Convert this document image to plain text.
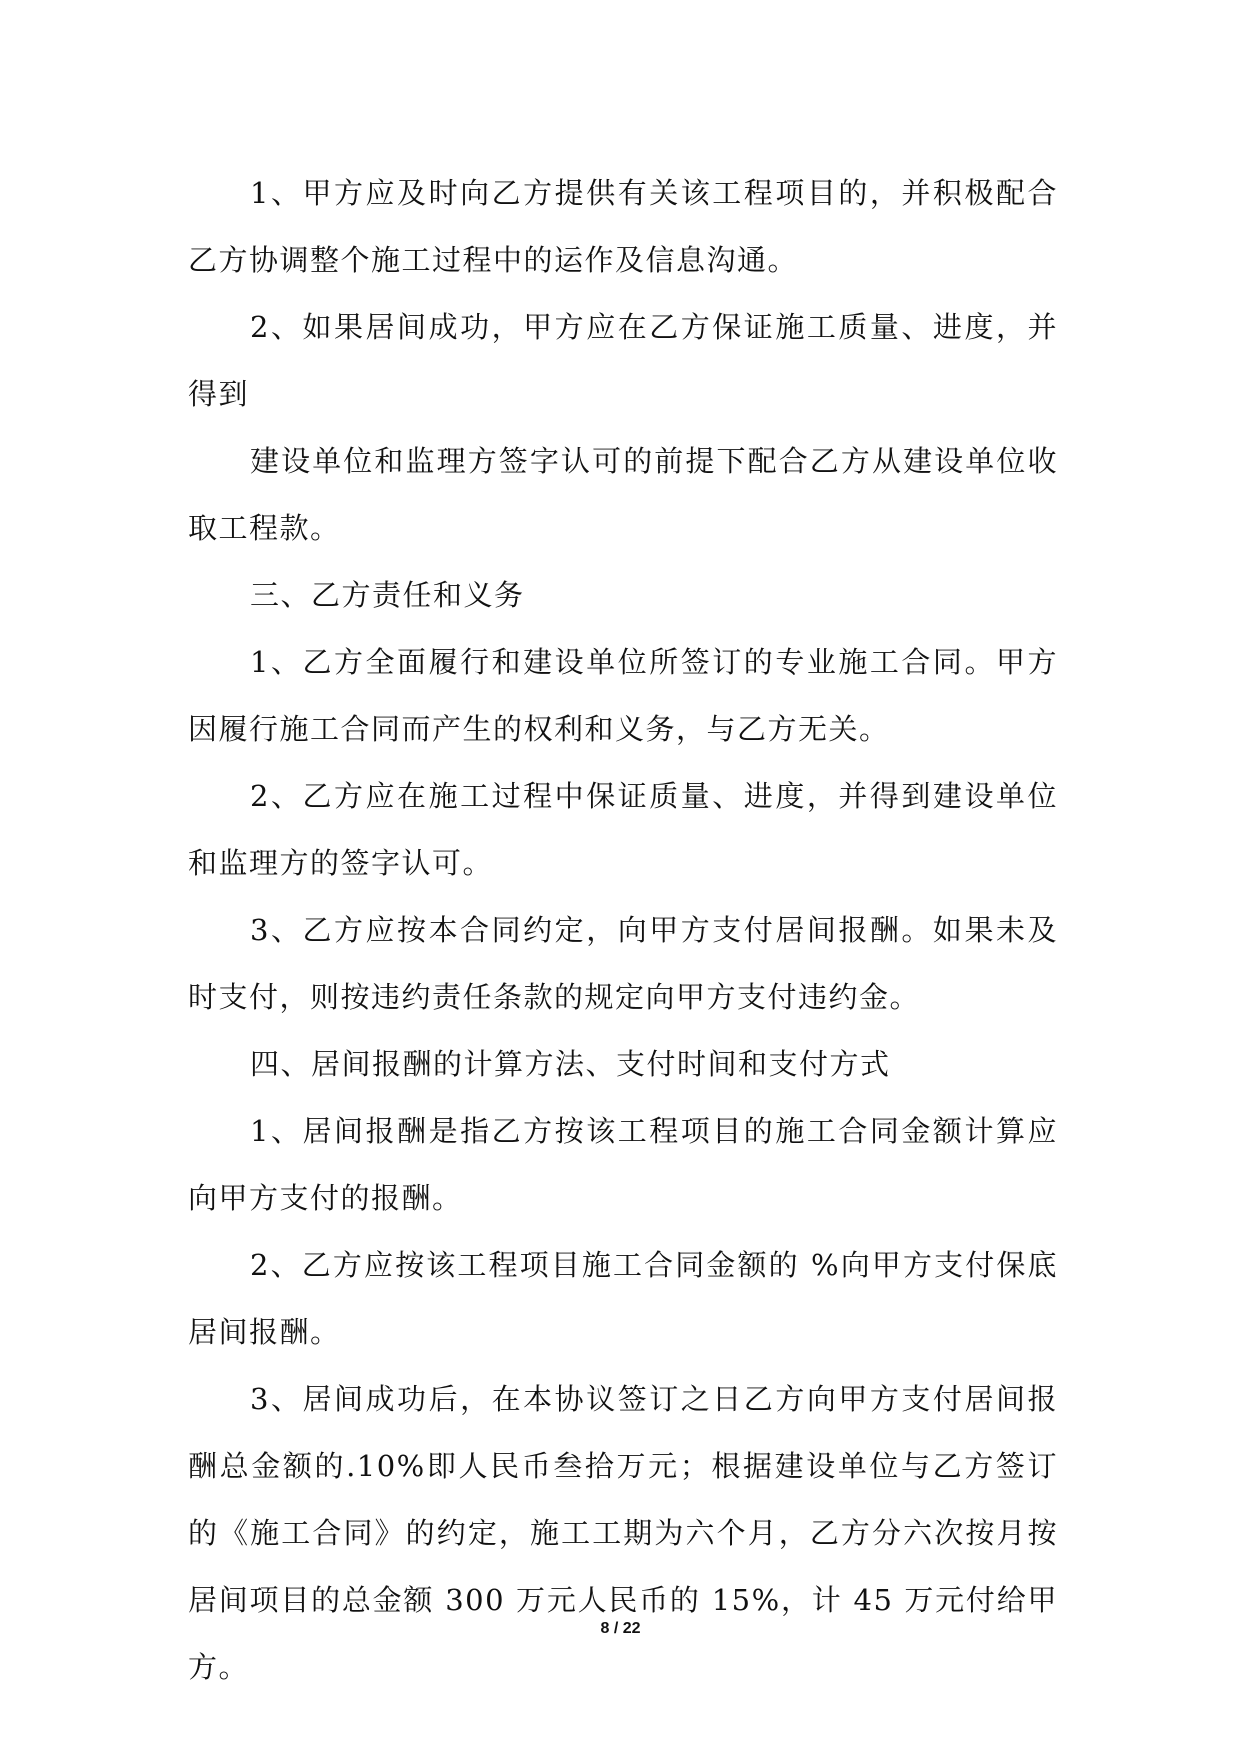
1、甲方应及时向乙方提供有关该工程项目的，并积极配合乙方协调整个施工过程中的运作及信息沟通。

2、如果居间成功，甲方应在乙方保证施工质量、进度，并得到

建设单位和监理方签字认可的前提下配合乙方从建设单位收取工程款。

三、乙方责任和义务

1、乙方全面履行和建设单位所签订的专业施工合同。甲方因履行施工合同而产生的权利和义务，与乙方无关。

2、乙方应在施工过程中保证质量、进度，并得到建设单位和监理方的签字认可。

3、乙方应按本合同约定，向甲方支付居间报酬。如果未及时支付，则按违约责任条款的规定向甲方支付违约金。

四、居间报酬的计算方法、支付时间和支付方式

1、居间报酬是指乙方按该工程项目的施工合同金额计算应向甲方支付的报酬。

2、乙方应按该工程项目施工合同金额的 %向甲方支付保底居间报酬。

3、居间成功后，在本协议签订之日乙方向甲方支付居间报酬总金额的.10%即人民币叁拾万元；根据建设单位与乙方签订的《施工合同》的约定，施工工期为六个月，乙方分六次按月按居间项目的总金额 300 万元人民币的 15%，计 45 万元付给甲方。

8 / 22
